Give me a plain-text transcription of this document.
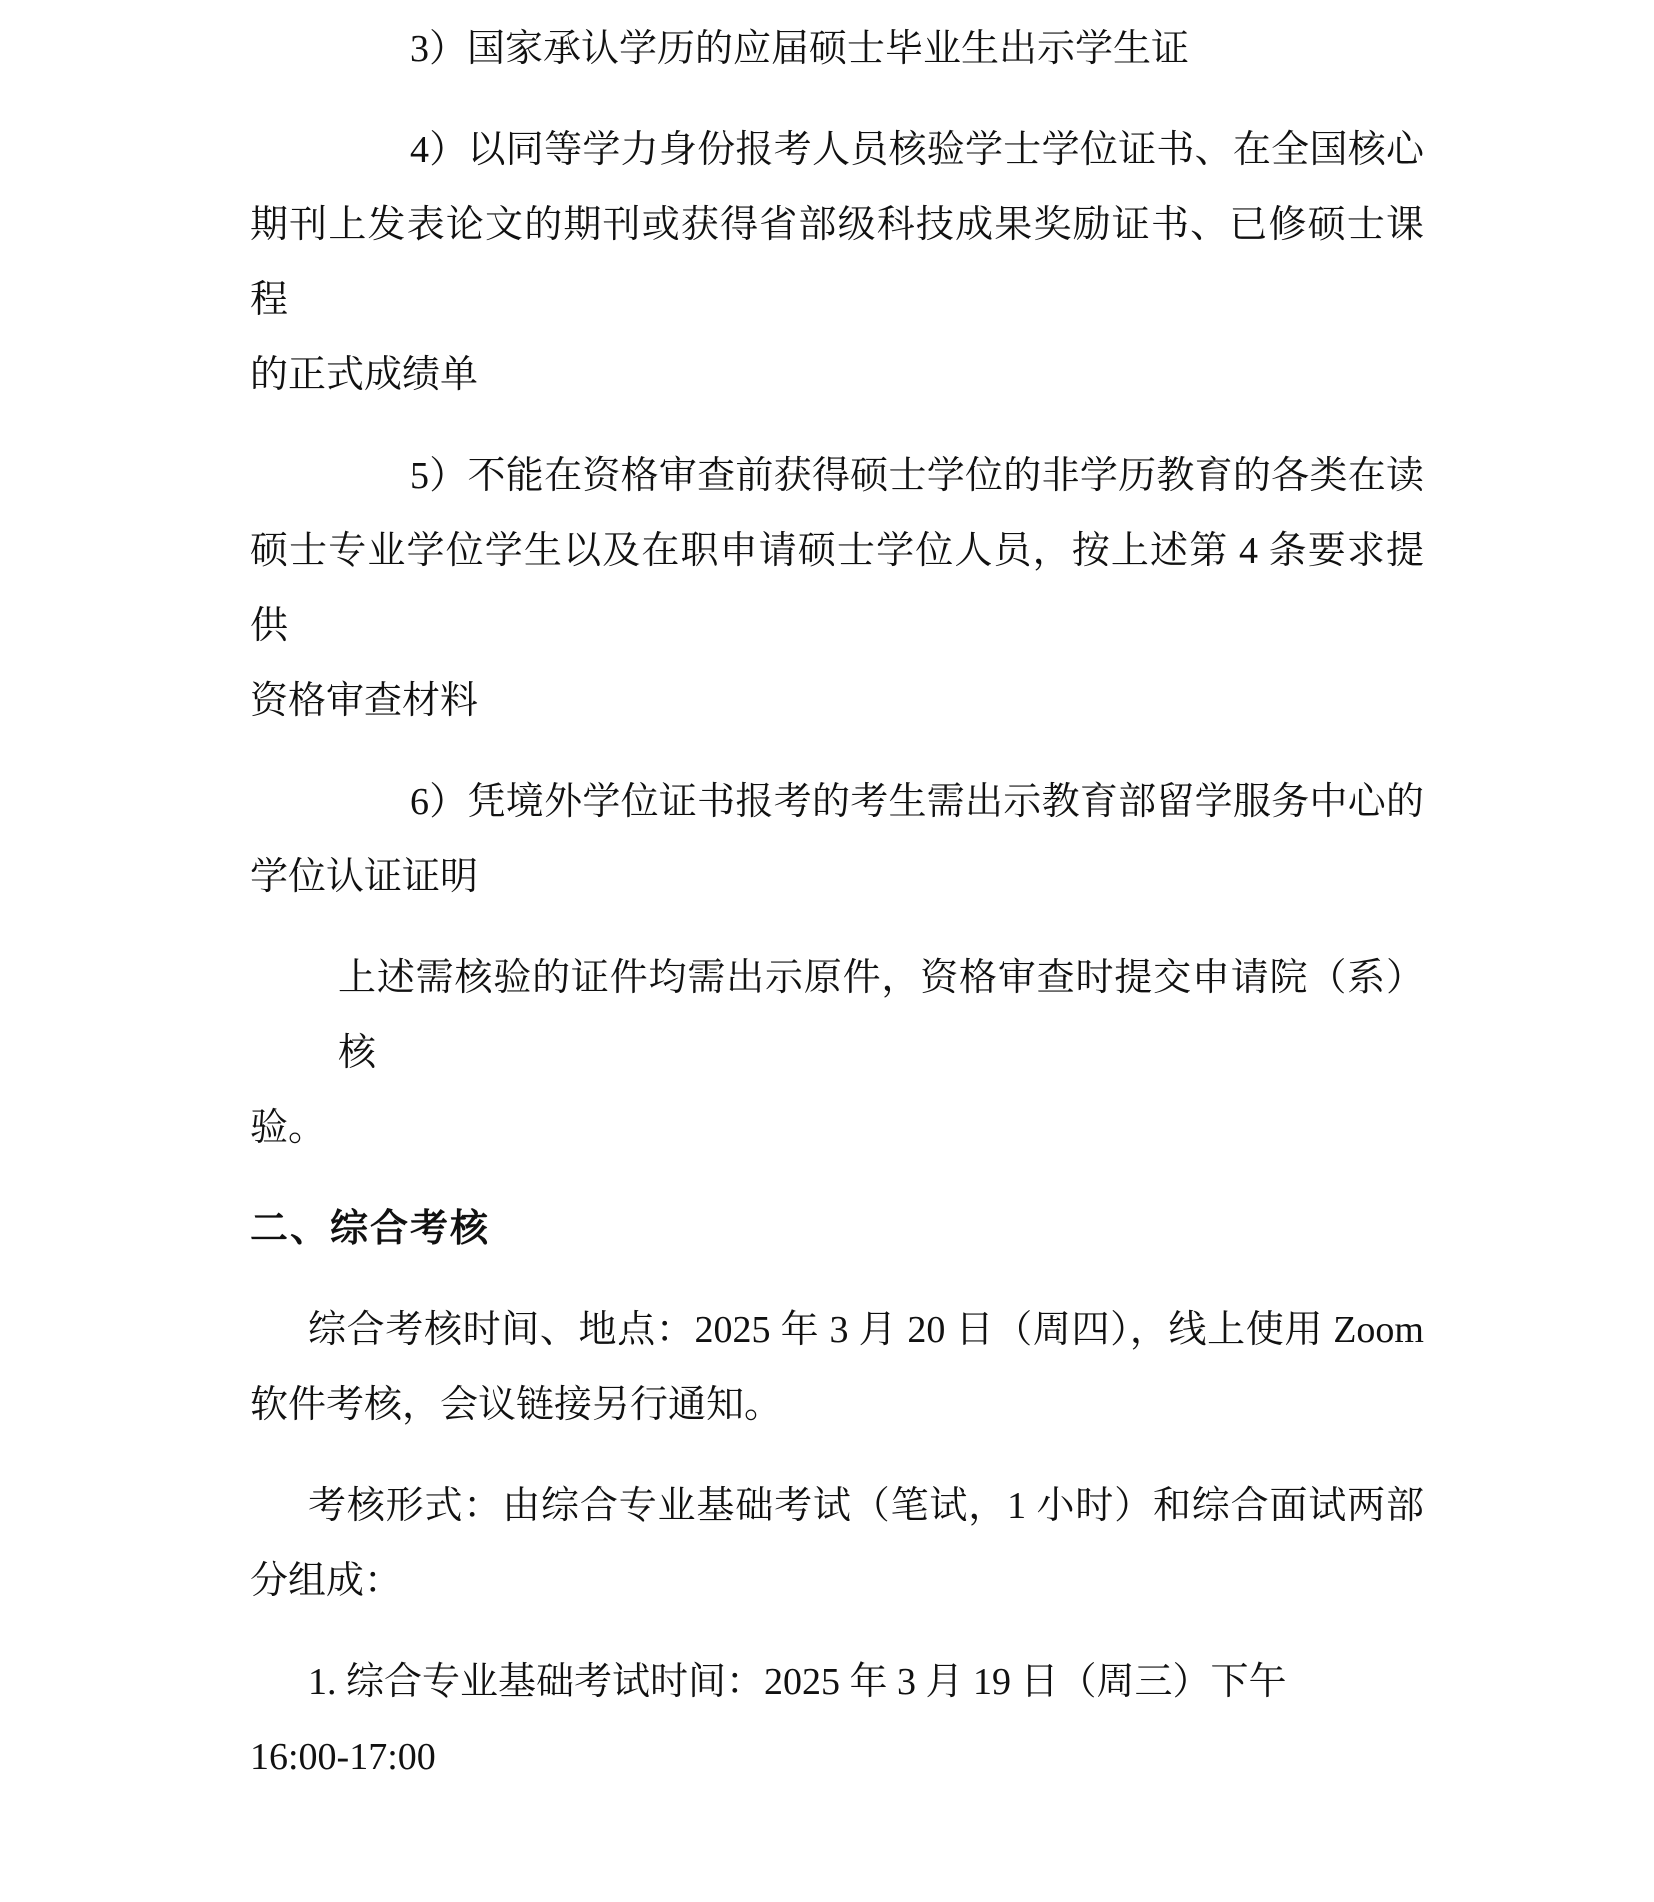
3）国家承认学历的应届硕士毕业生出示学生证
4）以同等学力身份报考人员核验学士学位证书、在全国核心
期刊上发表论文的期刊或获得省部级科技成果奖励证书、已修硕士课程
的正式成绩单
5）不能在资格审查前获得硕士学位的非学历教育的各类在读
硕士专业学位学生以及在职申请硕士学位人员，按上述第 4 条要求提供
资格审查材料
6）凭境外学位证书报考的考生需出示教育部留学服务中心的
学位认证证明
上述需核验的证件均需出示原件，资格审查时提交申请院（系）核
验。
二、综合考核
综合考核时间、地点：2025 年 3 月 20 日（周四），线上使用 Zoom
软件考核，会议链接另行通知。
考核形式：由综合专业基础考试（笔试，1 小时）和综合面试两部
分组成：
1. 综合专业基础考试时间：2025 年 3 月 19 日（周三）下午
16:00-17:00
